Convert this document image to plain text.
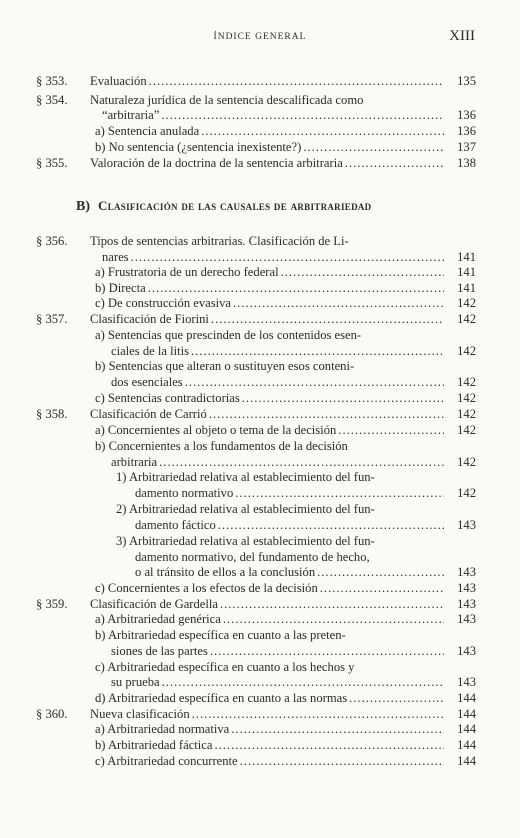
ÍNDICE GENERAL	XIII
B) Clasificación de las causales de arbitrariedad
§ 353. Evaluación .....	135
§ 354. Naturaleza jurídica de la sentencia descalificada como
“arbitraria” .....	136
a) Sentencia anulada .....	136
b) No sentencia (¿sentencia inexistente?) .....	137
§ 355. Valoración de la doctrina de la sentencia arbitraria .....	138
§ 356. Tipos de sentencias arbitrarias. Clasificación de Li-
nares .....	141
a) Frustratoria de un derecho federal .....	141
b) Directa .....	141
c) De construcción evasiva .....	142
§ 357. Clasificación de Fiorini .....	142
a) Sentencias que prescinden de los contenidos esen-
ciales de la litis .....	142
b) Sentencias que alteran o sustituyen esos conteni-
dos esenciales .....	142
c) Sentencias contradictorias .....	142
§ 358. Clasificación de Carrió .....	142
a) Concernientes al objeto o tema de la decisión .....	142
b) Concernientes a los fundamentos de la decisión
arbitraria .....	142
1) Arbitrariedad relativa al establecimiento del fun-
damento normativo .....	142
2) Arbitrariedad relativa al establecimiento del fun-
damento fáctico .....	143
3) Arbitrariedad relativa al establecimiento del fun-
damento normativo, del fundamento de hecho,
o al tránsito de ellos a la conclusión .....	143
c) Concernientes a los efectos de la decisión .....	143
§ 359. Clasificación de Gardella .....	143
a) Arbitrariedad genérica .....	143
b) Arbitrariedad específica en cuanto a las preten-
siones de las partes .....	143
c) Arbitrariedad específica en cuanto a los hechos y
su prueba .....	143
d) Arbitrariedad específica en cuanto a las normas .....	144
§ 360. Nueva clasificación .....	144
a) Arbitrariedad normativa .....	144
b) Arbitrariedad fáctica .....	144
c) Arbitrariedad concurrente .....	144
